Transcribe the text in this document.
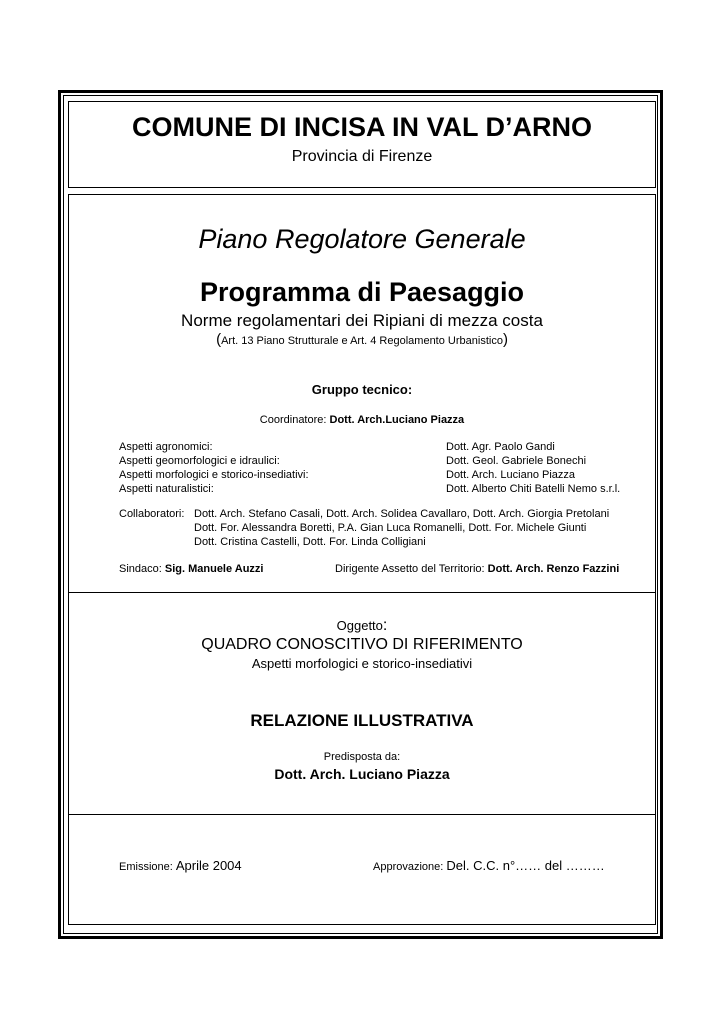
COMUNE DI INCISA IN VAL D’ARNO
Provincia di Firenze
Piano Regolatore Generale
Programma di Paesaggio
Norme regolamentari dei Ripiani di mezza costa
(Art. 13 Piano Strutturale e Art. 4 Regolamento Urbanistico)
Gruppo tecnico:
Coordinatore: Dott. Arch.Luciano Piazza
Aspetti agronomici:	Dott. Agr. Paolo Gandi
Aspetti geomorfologici e idraulici:	Dott. Geol. Gabriele Bonechi
Aspetti morfologici e storico-insediativi:	Dott. Arch. Luciano Piazza
Aspetti naturalistici:	Dott. Alberto Chiti Batelli Nemo s.r.l.
Collaboratori: Dott. Arch. Stefano Casali, Dott. Arch. Solidea Cavallaro, Dott. Arch. Giorgia Pretolani
Dott. For. Alessandra Boretti, P.A. Gian Luca Romanelli, Dott. For. Michele Giunti
Dott. Cristina Castelli, Dott. For. Linda Colligiani
Sindaco: Sig. Manuele Auzzi	Dirigente Assetto del Territorio: Dott. Arch. Renzo Fazzini
Oggetto:
QUADRO CONOSCITIVO DI RIFERIMENTO
Aspetti morfologici e storico-insediativi
RELAZIONE ILLUSTRATIVA
Predisposta da:
Dott. Arch. Luciano Piazza
Emissione: Aprile 2004	Approvazione: Del. C.C. n°…… del ………
